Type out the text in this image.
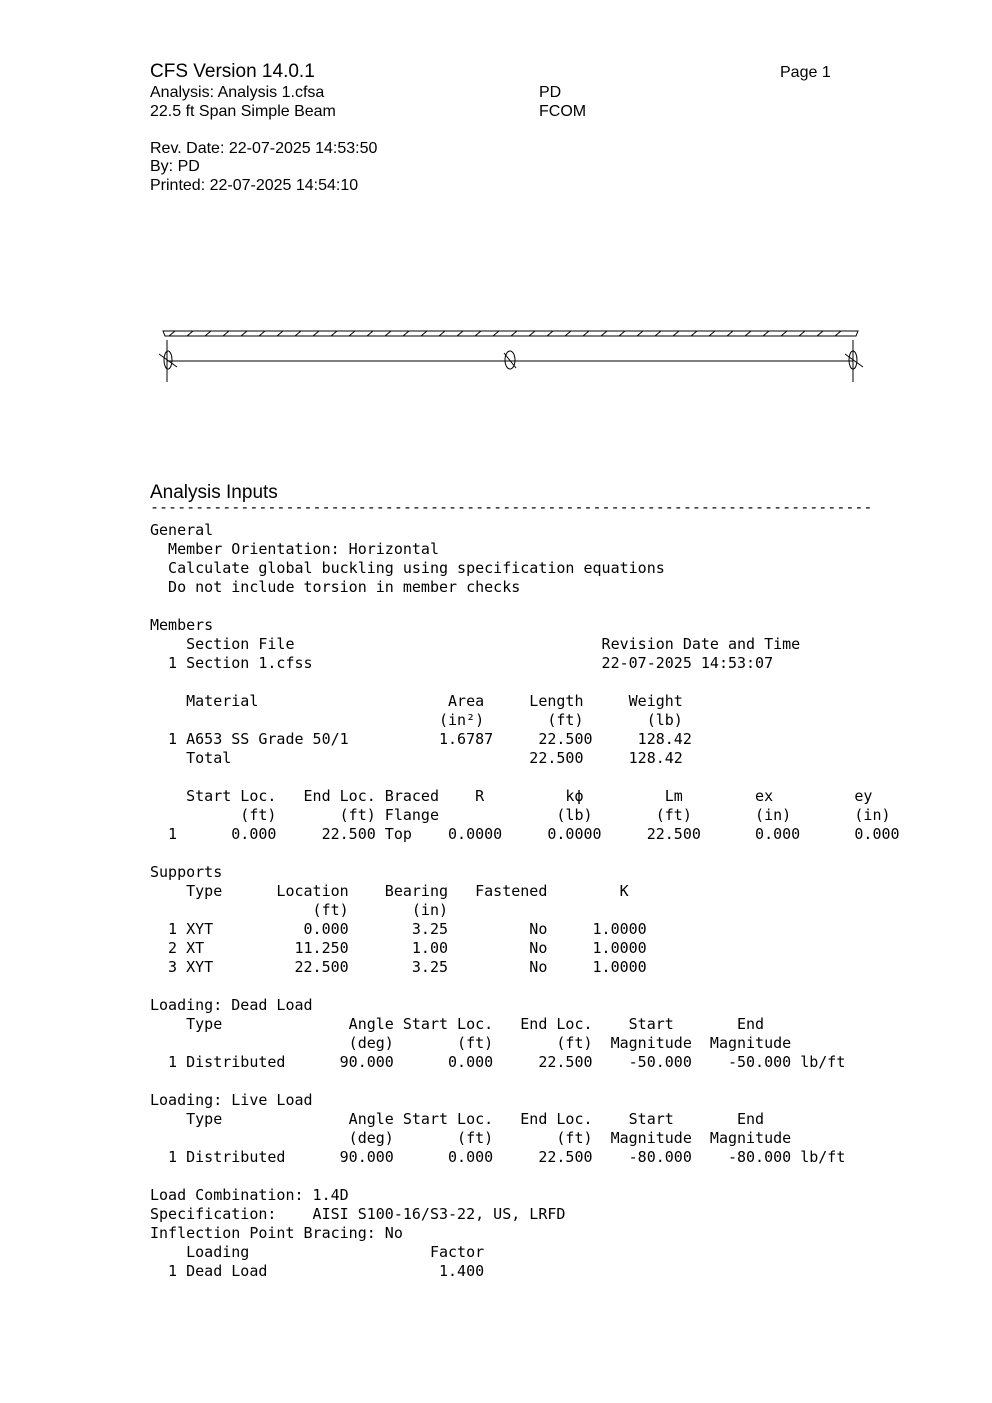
CFS Version 14.0.1	Page 1
Analysis: Analysis 1.cfsa
22.5 ft Span Simple Beam
PD
FCOM
Rev. Date: 22-07-2025 14:53:50
By: PD
Printed: 22-07-2025 14:54:10
Analysis Inputs
--------------------------------------------------------------------------------
General
Member Orientation: Horizontal
Calculate global buckling using specification equations
Do not include torsion in member checks
Members
Section File                                  Revision Date and Time
1 Section 1.cfss                                22-07-2025 14:53:07
Material                     Area     Length     Weight
(in²)       (ft)       (lb)
1 A653 SS Grade 50/1          1.6787     22.500     128.42
Total                                 22.500     128.42
Start Loc.   End Loc. Braced    R         kϕ         Lm        ex         ey
(ft)       (ft) Flange             (lb)       (ft)       (in)       (in)
1      0.000     22.500 Top    0.0000     0.0000     22.500      0.000      0.000
Supports
Type      Location    Bearing   Fastened        K
(ft)       (in)
1 XYT          0.000       3.25         No     1.0000
2 XT          11.250       1.00         No     1.0000
3 XYT         22.500       3.25         No     1.0000
Loading: Dead Load
Type              Angle Start Loc.   End Loc.    Start       End
(deg)       (ft)       (ft)  Magnitude  Magnitude
1 Distributed      90.000      0.000     22.500    -50.000    -50.000 lb/ft
Loading: Live Load
Type              Angle Start Loc.   End Loc.    Start       End
(deg)       (ft)       (ft)  Magnitude  Magnitude
1 Distributed      90.000      0.000     22.500    -80.000    -80.000 lb/ft
Load Combination: 1.4D
Specification:    AISI S100-16/S3-22, US, LRFD
Inflection Point Bracing: No
Loading                    Factor
1 Dead Load                   1.400
